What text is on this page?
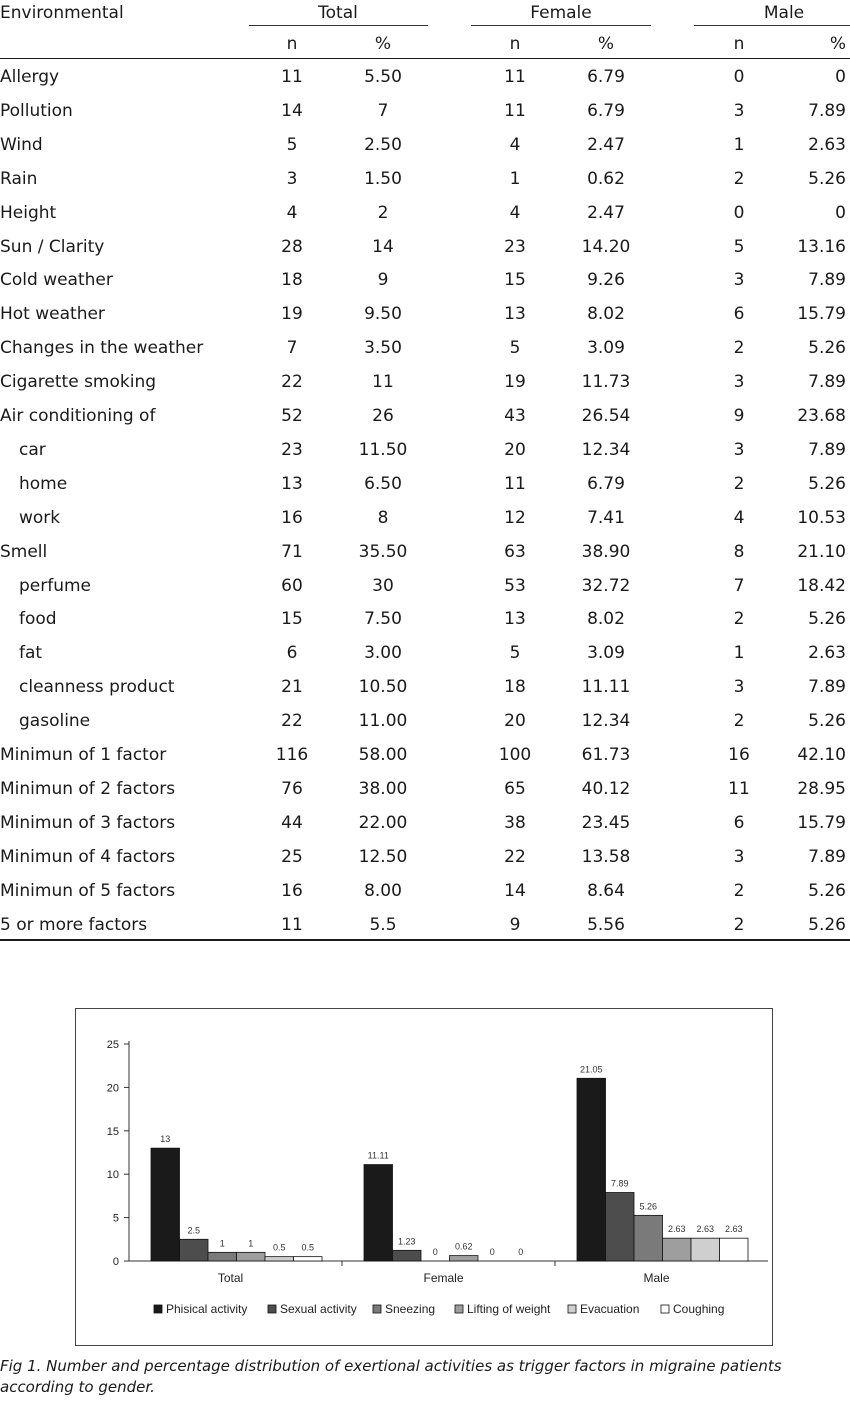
Environmental	Total	Female	Male
n	%	n	%	n	%
Allergy	11	5.50	11	6.79	0	0
Pollution	14	7	11	6.79	3	7.89
Wind	5	2.50	4	2.47	1	2.63
Rain	3	1.50	1	0.62	2	5.26
Height	4	2	4	2.47	0	0
Sun / Clarity	28	14	23	14.20	5	13.16
Cold weather	18	9	15	9.26	3	7.89
Hot weather	19	9.50	13	8.02	6	15.79
Changes in the weather	7	3.50	5	3.09	2	5.26
Cigarette smoking	22	11	19	11.73	3	7.89
Air conditioning of	52	26	43	26.54	9	23.68
car	23	11.50	20	12.34	3	7.89
home	13	6.50	11	6.79	2	5.26
work	16	8	12	7.41	4	10.53
Smell	71	35.50	63	38.90	8	21.10
perfume	60	30	53	32.72	7	18.42
food	15	7.50	13	8.02	2	5.26
fat	6	3.00	5	3.09	1	2.63
cleanness product	21	10.50	18	11.11	3	7.89
gasoline	22	11.00	20	12.34	2	5.26
Minimun of 1 factor	116	58.00	100	61.73	16	42.10
Minimun of 2 factors	76	38.00	65	40.12	11	28.95
Minimun of 3 factors	44	22.00	38	23.45	6	15.79
Minimun of 4 factors	25	12.50	22	13.58	3	7.89
Minimun of 5 factors	16	8.00	14	8.64	2	5.26
5 or more factors	11	5.5	9	5.56	2	5.26
0
5
10
15
20
25
13
2.5
1	1 0.5 0.5
Total
11.11
1.23
0
0.62
0	0
Female
21.05
7.89
5.26
2.63 2.63 2.63
Male
Phisical activity	Sexual activity Sneezing	Lifting of weight Evacuation	Coughing
Fig 1. Number and percentage distribution of exertional activities as trigger factors in migraine patients according to gender.
